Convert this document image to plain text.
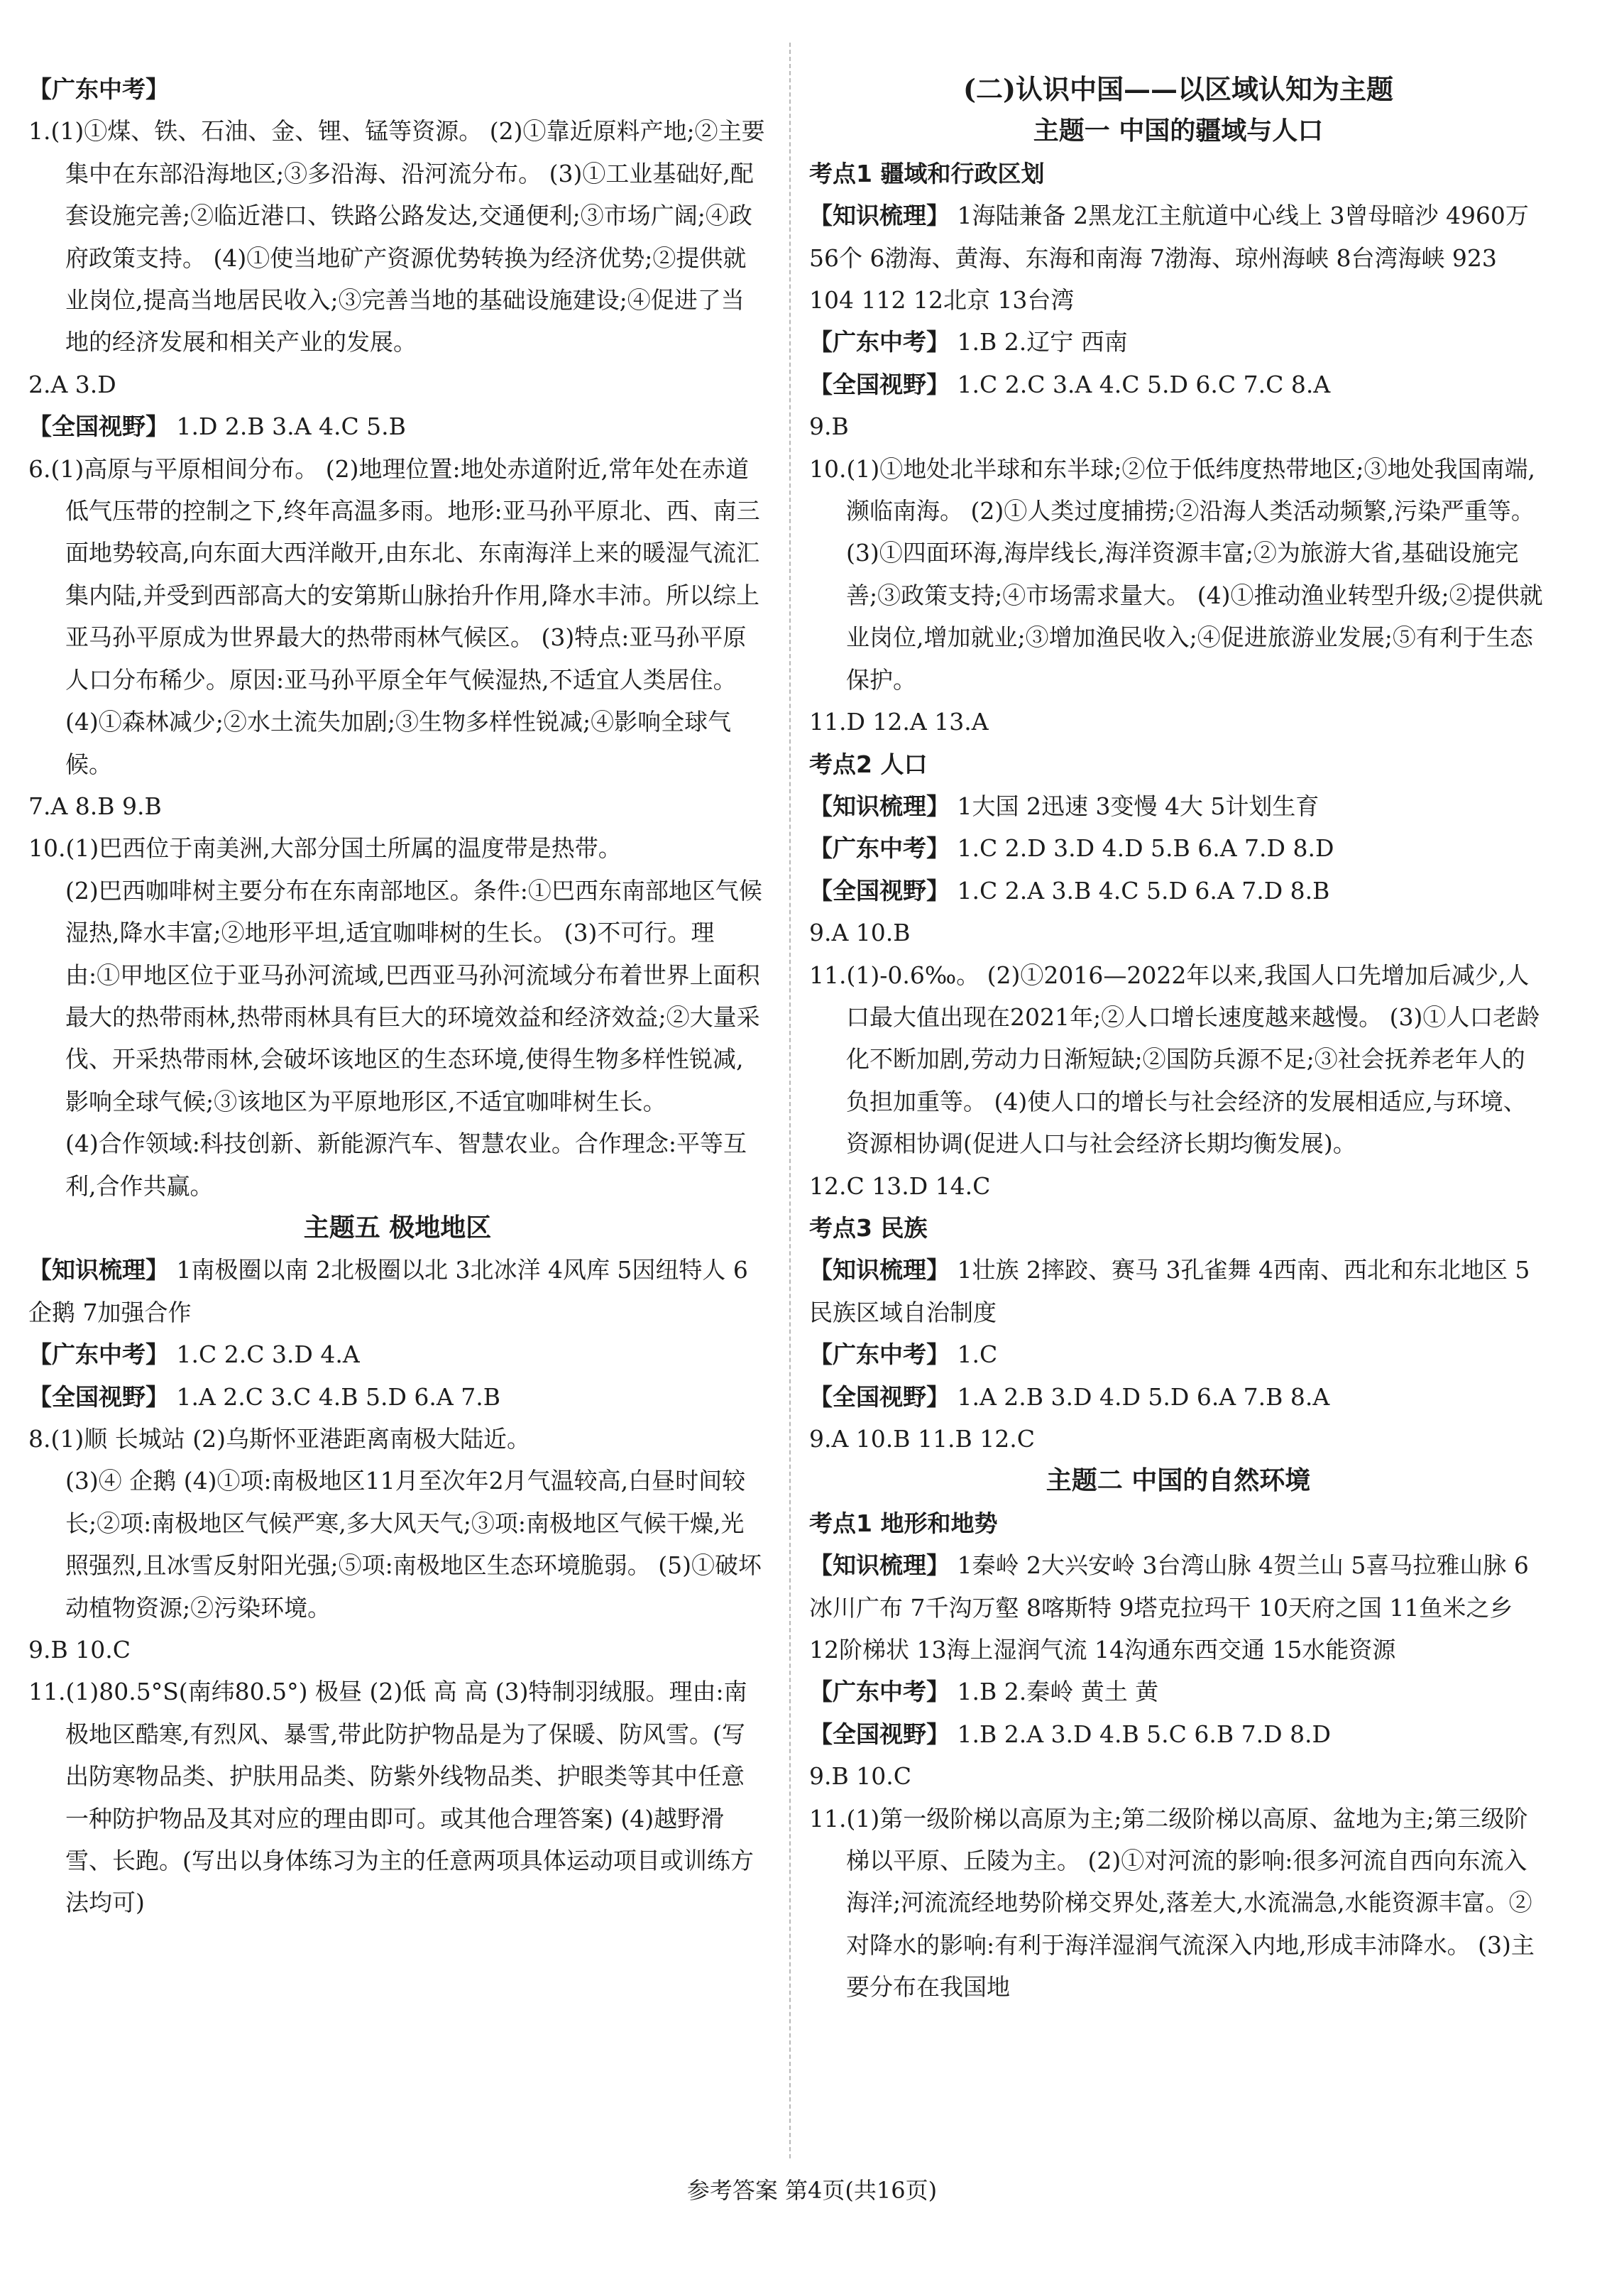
【广东中考】

1.(1)①煤、铁、石油、金、锂、锰等资源。 (2)①靠近原料产地;②主要集中在东部沿海地区;③多沿海、沿河流分布。 (3)①工业基础好,配套设施完善;②临近港口、铁路公路发达,交通便利;③市场广阔;④政府政策支持。 (4)①使当地矿产资源优势转换为经济优势;②提供就业岗位,提高当地居民收入;③完善当地的基础设施建设;④促进了当地的经济发展和相关产业的发展。

2.A 3.D

【全国视野】 1.D 2.B 3.A 4.C 5.B

6.(1)高原与平原相间分布。 (2)地理位置:地处赤道附近,常年处在赤道低气压带的控制之下,终年高温多雨。地形:亚马孙平原北、西、南三面地势较高,向东面大西洋敞开,由东北、东南海洋上来的暖湿气流汇集内陆,并受到西部高大的安第斯山脉抬升作用,降水丰沛。所以综上亚马孙平原成为世界最大的热带雨林气候区。 (3)特点:亚马孙平原人口分布稀少。原因:亚马孙平原全年气候湿热,不适宜人类居住。

(4)①森林减少;②水土流失加剧;③生物多样性锐减;④影响全球气候。

7.A 8.B 9.B

10.(1)巴西位于南美洲,大部分国土所属的温度带是热带。

(2)巴西咖啡树主要分布在东南部地区。条件:①巴西东南部地区气候湿热,降水丰富;②地形平坦,适宜咖啡树的生长。 (3)不可行。理由:①甲地区位于亚马孙河流域,巴西亚马孙河流域分布着世界上面积最大的热带雨林,热带雨林具有巨大的环境效益和经济效益;②大量采伐、开采热带雨林,会破坏该地区的生态环境,使得生物多样性锐减,影响全球气候;③该地区为平原地形区,不适宜咖啡树生长。

(4)合作领域:科技创新、新能源汽车、智慧农业。合作理念:平等互利,合作共赢。

主题五 极地地区

【知识梳理】 1南极圈以南 2北极圈以北 3北冰洋 4风库 5因纽特人 6企鹅 7加强合作

【广东中考】 1.C 2.C 3.D 4.A

【全国视野】 1.A 2.C 3.C 4.B 5.D 6.A 7.B

8.(1)顺 长城站 (2)乌斯怀亚港距离南极大陆近。

(3)④ 企鹅 (4)①项:南极地区11月至次年2月气温较高,白昼时间较长;②项:南极地区气候严寒,多大风天气;③项:南极地区气候干燥,光照强烈,且冰雪反射阳光强;⑤项:南极地区生态环境脆弱。 (5)①破坏动植物资源;②污染环境。

9.B 10.C

11.(1)80.5°S(南纬80.5°) 极昼 (2)低 高 高 (3)特制羽绒服。理由:南极地区酷寒,有烈风、暴雪,带此防护物品是为了保暖、防风雪。(写出防寒物品类、护肤用品类、防紫外线物品类、护眼类等其中任意一种防护物品及其对应的理由即可。或其他合理答案) (4)越野滑雪、长跑。(写出以身体练习为主的任意两项具体运动项目或训练方法均可)

(二)认识中国——以区域认知为主题

主题一 中国的疆域与人口

考点1 疆域和行政区划

【知识梳理】 1海陆兼备 2黑龙江主航道中心线上 3曾母暗沙 4960万 56个 6渤海、黄海、东海和南海 7渤海、琼州海峡 8台湾海峡 923 104 112 12北京 13台湾

【广东中考】 1.B 2.辽宁 西南

【全国视野】 1.C 2.C 3.A 4.C 5.D 6.C 7.C 8.A

9.B

10.(1)①地处北半球和东半球;②位于低纬度热带地区;③地处我国南端,濒临南海。 (2)①人类过度捕捞;②沿海人类活动频繁,污染严重等。 (3)①四面环海,海岸线长,海洋资源丰富;②为旅游大省,基础设施完善;③政策支持;④市场需求量大。 (4)①推动渔业转型升级;②提供就业岗位,增加就业;③增加渔民收入;④促进旅游业发展;⑤有利于生态保护。

11.D 12.A 13.A

考点2 人口

【知识梳理】 1大国 2迅速 3变慢 4大 5计划生育

【广东中考】 1.C 2.D 3.D 4.D 5.B 6.A 7.D 8.D

【全国视野】 1.C 2.A 3.B 4.C 5.D 6.A 7.D 8.B

9.A 10.B

11.(1)-0.6‰。 (2)①2016—2022年以来,我国人口先增加后减少,人口最大值出现在2021年;②人口增长速度越来越慢。 (3)①人口老龄化不断加剧,劳动力日渐短缺;②国防兵源不足;③社会抚养老年人的负担加重等。 (4)使人口的增长与社会经济的发展相适应,与环境、资源相协调(促进人口与社会经济长期均衡发展)。

12.C 13.D 14.C

考点3 民族

【知识梳理】 1壮族 2摔跤、赛马 3孔雀舞 4西南、西北和东北地区 5民族区域自治制度

【广东中考】 1.C

【全国视野】 1.A 2.B 3.D 4.D 5.D 6.A 7.B 8.A

9.A 10.B 11.B 12.C

主题二 中国的自然环境

考点1 地形和地势

【知识梳理】 1秦岭 2大兴安岭 3台湾山脉 4贺兰山 5喜马拉雅山脉 6冰川广布 7千沟万壑 8喀斯特 9塔克拉玛干 10天府之国 11鱼米之乡 12阶梯状 13海上湿润气流 14沟通东西交通 15水能资源

【广东中考】 1.B 2.秦岭 黄土 黄

【全国视野】 1.B 2.A 3.D 4.B 5.C 6.B 7.D 8.D

9.B 10.C

11.(1)第一级阶梯以高原为主;第二级阶梯以高原、盆地为主;第三级阶梯以平原、丘陵为主。 (2)①对河流的影响:很多河流自西向东流入海洋;河流流经地势阶梯交界处,落差大,水流湍急,水能资源丰富。②对降水的影响:有利于海洋湿润气流深入内地,形成丰沛降水。 (3)主要分布在我国地

参考答案 第4页(共16页)
